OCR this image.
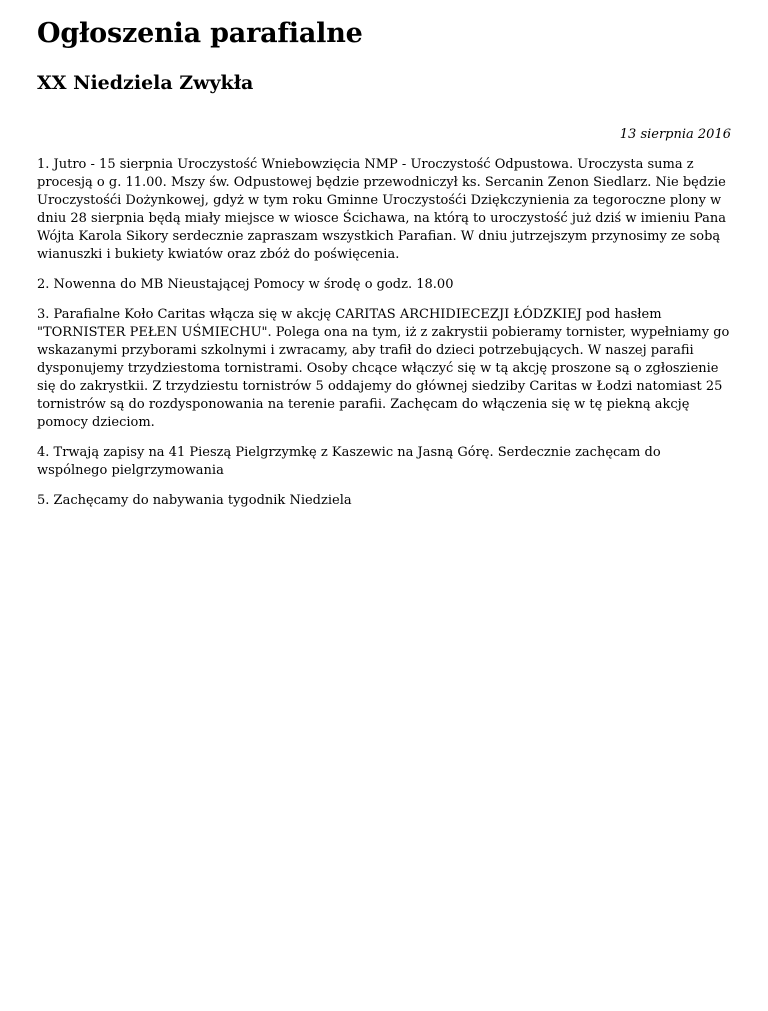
Ogłoszenia parafialne
XX Niedziela Zwykła
13 sierpnia 2016

1. Jutro - 15 sierpnia Uroczystość Wniebowzięcia NMP - Uroczystość Odpustowa. Uroczysta suma z procesją o g. 11.00. Mszy św. Odpustowej będzie przewodniczył ks. Sercanin Zenon Siedlarz. Nie będzie Uroczystośći Dożynkowej, gdyż w tym roku Gminne Uroczystośći Dziękczynienia za tegoroczne plony w dniu 28 sierpnia będą miały miejsce w wiosce Ścichawa, na którą to uroczystość już dziś w imieniu Pana Wójta Karola Sikory serdecznie zapraszam wszystkich Parafian. W dniu jutrzejszym przynosimy ze sobą wianuszki i bukiety kwiatów oraz zbóż do poświęcenia.

2. Nowenna do MB Nieustającej Pomocy w środę o godz. 18.00

3. Parafialne Koło Caritas włącza się w akcję CARITAS ARCHIDIECEZJI ŁÓDZKIEJ pod hasłem "TORNISTER PEŁEN UŚMIECHU". Polega ona na tym, iż z zakrystii pobieramy tornister, wypełniamy go wskazanymi przyborami szkolnymi i zwracamy, aby trafił do dzieci potrzebujących. W naszej parafii dysponujemy trzydziestoma tornistrami. Osoby chcące włączyć się w tą akcję proszone są o zgłoszienie się do zakrystkii. Z trzydziestu tornistrów 5 oddajemy do głównej siedziby Caritas w Łodzi natomiast 25 tornistrów są do rozdysponowania na terenie parafii. Zachęcam do włączenia się w tę piekną akcję pomocy dzieciom.

4. Trwają zapisy na 41 Pieszą Pielgrzymkę z Kaszewic na Jasną Górę. Serdecznie zachęcam do wspólnego pielgrzymowania

5. Zachęcamy do nabywania tygodnik Niedziela
